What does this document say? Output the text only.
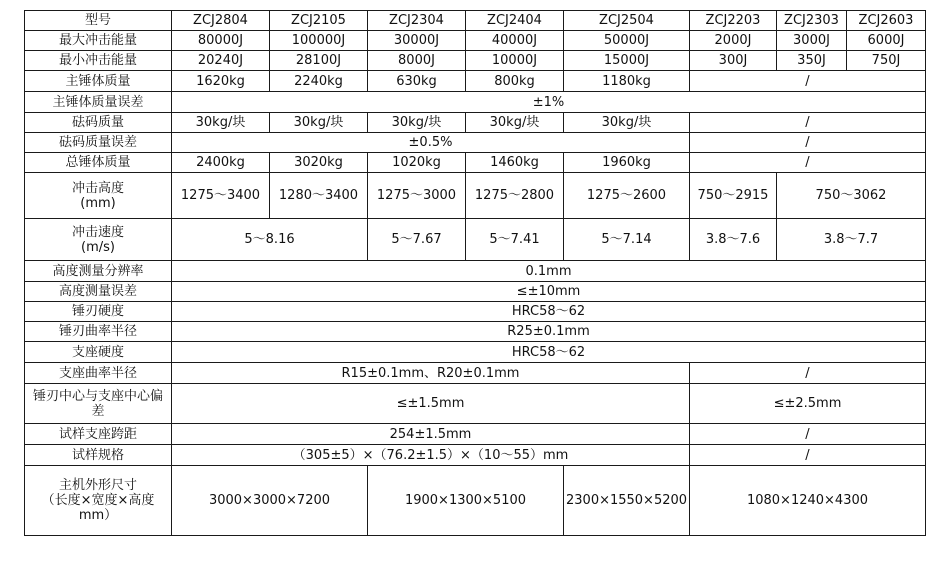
型号	ZCJ2804	ZCJ2105	ZCJ2304	ZCJ2404	ZCJ2504	ZCJ2203	ZCJ2303	ZCJ2603
最大冲击能量	80000J	100000J	30000J	40000J	50000J	2000J	3000J	6000J
最小冲击能量	20240J	28100J	8000J	10000J	15000J	300J	350J	750J
主锤体质量	1620kg	2240kg	630kg	800kg	1180kg	/		
主锤体质量误差	±1%							
砝码质量	30kg/块	30kg/块	30kg/块	30kg/块	30kg/块	/		
砝码质量误差	±0.5%					/		
总锤体质量	2400kg	3020kg	1020kg	1460kg	1960kg	/		

冲击高度
(mm)	1275～3400	1280～3400	1275～3000	1275～2800	1275～2600	750～2915	750～3062	

冲击速度
(m/s)	5～8.16		5～7.67	5～7.41	5～7.14	3.8～7.6	3.8～7.7	
高度测量分辨率	0.1mm							
高度测量误差	≤±10mm							
锤刃硬度	HRC58～62							
锤刃曲率半径	R25±0.1mm							
支座硬度	HRC58～62							
支座曲率半径	R15±0.1mm、R20±0.1mm					/		

锤刃中心与支座中心偏
差	≤±1.5mm					≤±2.5mm		
试样支座跨距	254±1.5mm					/		
试样规格	（305±5）×（76.2±1.5）×（10～55）mm					/		

主机外形尺寸
（长度×宽度×高度
mm）	3000×3000×7200		1900×1300×5100		2300×1550×5200	1080×1240×4300		
